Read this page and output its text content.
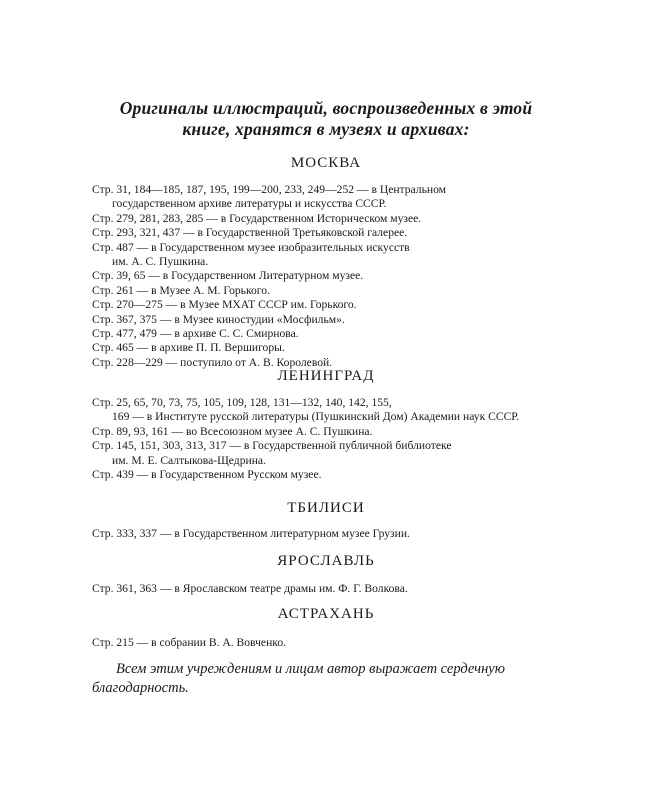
Оригиналы иллюстраций, воспроизведенных в этой
книге, хранятся в музеях и архивах:
МОСКВА
Стр. 31, 184—185, 187, 195, 199—200, 233, 249—252 — в Центральном
государственном архиве литературы и искусства СССР.
Стр. 279, 281, 283, 285 — в Государственном Историческом музее.
Стр. 293, 321, 437 — в Государственной Третьяковской галерее.
Стр. 487 — в Государственном музее изобразительных искусств
им. А. С. Пушкина.
Стр. 39, 65 — в Государственном Литературном музее.
Стр. 261 — в Музее А. М. Горького.
Стр. 270—275 — в Музее МХАТ СССР им. Горького.
Стр. 367, 375 — в Музее киностудии «Мосфильм».
Стр. 477, 479 — в архиве С. С. Смирнова.
Стр. 465 — в архиве П. П. Вершигоры.
Стр. 228—229 — поступило от А. В. Королевой.
ЛЕНИНГРАД
Стр. 25, 65, 70, 73, 75, 105, 109, 128, 131—132, 140, 142, 155,
169 — в Институте русской литературы (Пушкинский Дом) Академии наук СССР.
Стр. 89, 93, 161 — во Всесоюзном музее А. С. Пушкина.
Стр. 145, 151, 303, 313, 317 — в Государственной публичной библиотеке
им. М. Е. Салтыкова-Щедрина.
Стр. 439 — в Государственном Русском музее.
ТБИЛИСИ
Стр. 333, 337 — в Государственном литературном музее Грузии.
ЯРОСЛАВЛЬ
Стр. 361, 363 — в Ярославском театре драмы им. Ф. Г. Волкова.
АСТРАХАНЬ
Стр. 215 — в собрании В. А. Вовченко.
Всем этим учреждениям и лицам автор выражает сердечную
благодарность.
